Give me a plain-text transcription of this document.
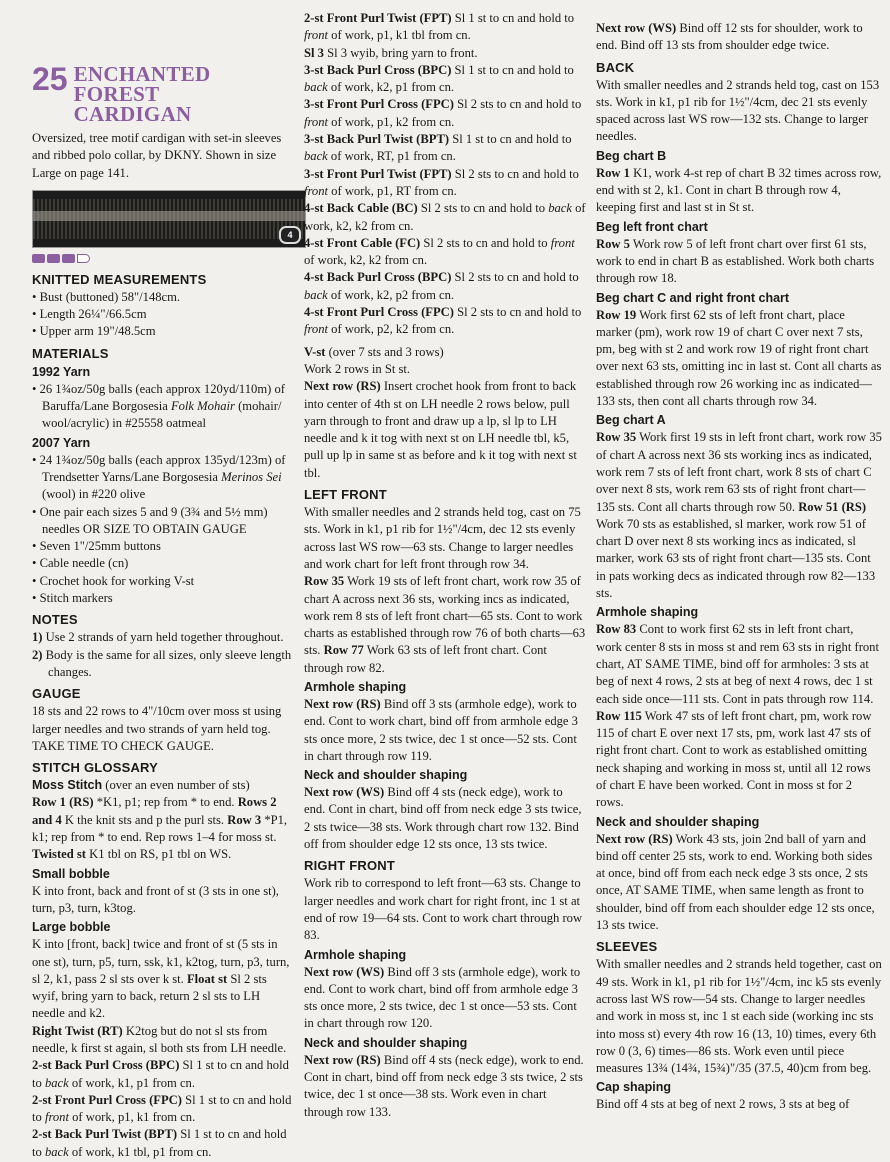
25 ENCHANTED FOREST
CARDIGAN

Oversized, tree motif cardigan with set-in sleeves and ribbed polo collar, by DKNY. Shown in size Large on page 141.

4
KNITTED MEASUREMENTS
• Bust (buttoned) 58"/148cm.
• Length 26¼"/66.5cm
• Upper arm 19"/48.5cm
MATERIALS
1992 Yarn
• 26 1¾oz/50g balls (each approx 120yd/110m) of Baruffa/Lane Borgosesia Folk Mohair (mohair/ wool/acrylic) in #25558 oatmeal
2007 Yarn
• 24 1¾oz/50g balls (each approx 135yd/123m) of Trendsetter Yarns/Lane Borgosesia Merinos Sei (wool) in #220 olive
• One pair each sizes 5 and 9 (3¾ and 5½ mm) needles OR SIZE TO OBTAIN GAUGE
• Seven 1"/25mm buttons
• Cable needle (cn)
• Crochet hook for working V-st
• Stitch markers
NOTES
1) Use 2 strands of yarn held together throughout.
2) Body is the same for all sizes, only sleeve length changes.
GAUGE

18 sts and 22 rows to 4"/10cm over moss st using larger needles and two strands of yarn held tog. TAKE TIME TO CHECK GAUGE.

STITCH GLOSSARY

Moss Stitch (over an even number of sts)

Row 1 (RS) *K1, p1; rep from * to end. Rows 2 and 4 K the knit sts and p the purl sts. Row 3 *P1, k1; rep from * to end. Rep rows 1–4 for moss st.

Twisted st K1 tbl on RS, p1 tbl on WS.

Small bobble

K into front, back and front of st (3 sts in one st), turn, p3, turn, k3tog.

Large bobble

K into [front, back] twice and front of st (5 sts in one st), turn, p5, turn, ssk, k1, k2tog, turn, p3, turn, sl 2, k1, pass 2 sl sts over k st. Float st Sl 2 sts wyif, bring yarn to back, return 2 sl sts to LH needle and k2.

Right Twist (RT) K2tog but do not sl sts from needle, k first st again, sl both sts from LH needle.

2-st Back Purl Cross (BPC) Sl 1 st to cn and hold to back of work, k1, p1 from cn.

2-st Front Purl Cross (FPC) Sl 1 st to cn and hold to front of work, p1, k1 from cn.

2-st Back Purl Twist (BPT) Sl 1 st to cn and hold to back of work, k1 tbl, p1 from cn.

2-st Front Purl Twist (FPT) Sl 1 st to cn and hold to front of work, p1, k1 tbl from cn.

Sl 3 Sl 3 wyib, bring yarn to front.

3-st Back Purl Cross (BPC) Sl 1 st to cn and hold to back of work, k2, p1 from cn.

3-st Front Purl Cross (FPC) Sl 2 sts to cn and hold to front of work, p1, k2 from cn.

3-st Back Purl Twist (BPT) Sl 1 st to cn and hold to back of work, RT, p1 from cn.

3-st Front Purl Twist (FPT) Sl 2 sts to cn and hold to front of work, p1, RT from cn.

4-st Back Cable (BC) Sl 2 sts to cn and hold to back of work, k2, k2 from cn.

4-st Front Cable (FC) Sl 2 sts to cn and hold to front of work, k2, k2 from cn.

4-st Back Purl Cross (BPC) Sl 2 sts to cn and hold to back of work, k2, p2 from cn.

4-st Front Purl Cross (FPC) Sl 2 sts to cn and hold to front of work, p2, k2 from cn.

V-st (over 7 sts and 3 rows)

Work 2 rows in St st.

Next row (RS) Insert crochet hook from front to back into center of 4th st on LH needle 2 rows below, pull yarn through to front and draw up a lp, sl lp to LH needle and k it tog with next st on LH needle tbl, k5, pull up lp in same st as before and k it tog with next st tbl.

LEFT FRONT

With smaller needles and 2 strands held tog, cast on 75 sts. Work in k1, p1 rib for 1½"/4cm, dec 12 sts evenly across last WS row—63 sts. Change to larger needles and work chart for left front through row 34.

Row 35 Work 19 sts of left front chart, work row 35 of chart A across next 36 sts, working incs as indicated, work rem 8 sts of left front chart—65 sts. Cont to work charts as established through row 76 of both charts—63 sts. Row 77 Work 63 sts of left front chart. Cont through row 82.

Armhole shaping

Next row (RS) Bind off 3 sts (armhole edge), work to end. Cont to work chart, bind off from armhole edge 3 sts once more, 2 sts twice, dec 1 st once—52 sts. Cont in chart through row 119.

Neck and shoulder shaping

Next row (WS) Bind off 4 sts (neck edge), work to end. Cont in chart, bind off from neck edge 3 sts twice, 2 sts twice—38 sts. Work through chart row 132. Bind off from shoulder edge 12 sts once, 13 sts twice.

RIGHT FRONT

Work rib to correspond to left front—63 sts. Change to larger needles and work chart for right front, inc 1 st at end of row 19—64 sts. Cont to work chart through row 83.

Armhole shaping

Next row (WS) Bind off 3 sts (armhole edge), work to end. Cont to work chart, bind off from armhole edge 3 sts once more, 2 sts twice, dec 1 st once—53 sts. Cont in chart through row 120.

Neck and shoulder shaping

Next row (RS) Bind off 4 sts (neck edge), work to end. Cont in chart, bind off from neck edge 3 sts twice, 2 sts twice, dec 1 st once—38 sts. Work even in chart through row 133.

Next row (WS) Bind off 12 sts for shoulder, work to end. Bind off 13 sts from shoulder edge twice.

BACK

With smaller needles and 2 strands held tog, cast on 153 sts. Work in k1, p1 rib for 1½"/4cm, dec 21 sts evenly spaced across last WS row—132 sts. Change to larger needles.

Beg chart B

Row 1 K1, work 4-st rep of chart B 32 times across row, end with st 2, k1. Cont in chart B through row 4, keeping first and last st in St st.

Beg left front chart

Row 5 Work row 5 of left front chart over first 61 sts, work to end in chart B as established. Work both charts through row 18.

Beg chart C and right front chart

Row 19 Work first 62 sts of left front chart, place marker (pm), work row 19 of chart C over next 7 sts, pm, beg with st 2 and work row 19 of right front chart over next 63 sts, omitting inc in last st. Cont all charts as established through row 26 working inc as indicated—133 sts, then cont all charts through row 34.

Beg chart A

Row 35 Work first 19 sts in left front chart, work row 35 of chart A across next 36 sts working incs as indicated, work rem 7 sts of left front chart, work 8 sts of chart C over next 8 sts, work rem 63 sts of right front chart—135 sts. Cont all charts through row 50. Row 51 (RS) Work 70 sts as established, sl marker, work row 51 of chart D over next 8 sts working incs as indicated, sl marker, work 63 sts of right front chart—135 sts. Cont in pats working decs as indicated through row 82—133 sts.

Armhole shaping

Row 83 Cont to work first 62 sts in left front chart, work center 8 sts in moss st and rem 63 sts in right front chart, AT SAME TIME, bind off for armholes: 3 sts at beg of next 4 rows, 2 sts at beg of next 4 rows, dec 1 st each side once—111 sts. Cont in pats through row 114.

Row 115 Work 47 sts of left front chart, pm, work row 115 of chart E over next 17 sts, pm, work last 47 sts of right front chart. Cont to work as established omitting neck shaping and working in moss st, until all 12 rows of chart E have been worked. Cont in moss st for 2 rows.

Neck and shoulder shaping

Next row (RS) Work 43 sts, join 2nd ball of yarn and bind off center 25 sts, work to end. Working both sides at once, bind off from each neck edge 3 sts once, 2 sts once, AT SAME TIME, when same length as front to shoulder, bind off from each shoulder edge 12 sts once, 13 sts twice.

SLEEVES

With smaller needles and 2 strands held together, cast on 49 sts. Work in k1, p1 rib for 1½"/4cm, inc k5 sts evenly across last WS row—54 sts. Change to larger needles and work in moss st, inc 1 st each side (working inc sts into moss st) every 4th row 16 (13, 10) times, every 6th row 0 (3, 6) times—86 sts. Work even until piece measures 13¾ (14¾, 15¾)"/35 (37.5, 40)cm from beg.

Cap shaping

Bind off 4 sts at beg of next 2 rows, 3 sts at beg of
